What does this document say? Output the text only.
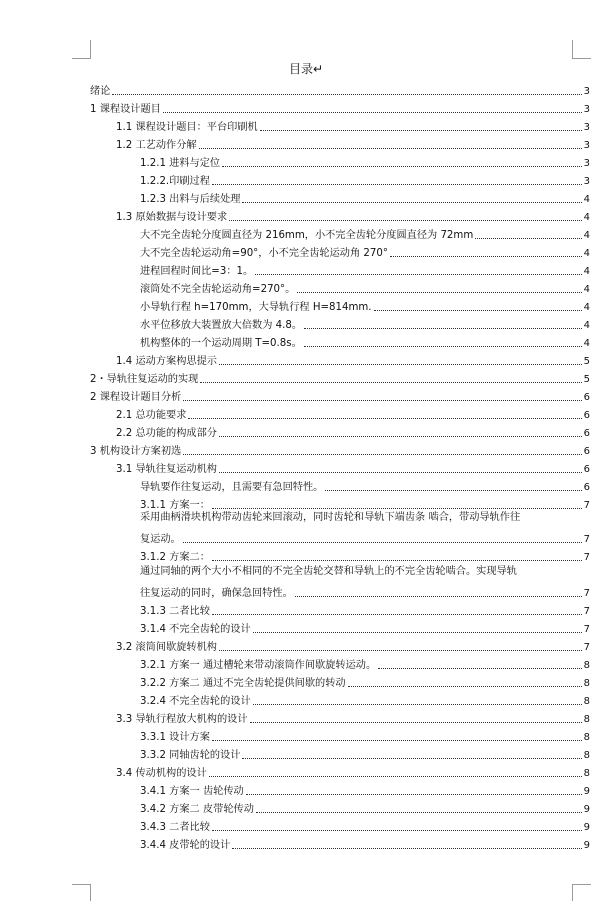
目录↵
绪论	3
1 课程设计题目	3
1.1 课程设计题目：平台印刷机	3
1.2 工艺动作分解	3
1.2.1 进料与定位	3
1.2.2.印刷过程	3
1.2.3 出料与后续处理	4
1.3 原始数据与设计要求	4
大不完全齿轮分度圆直径为 216mm，小不完全齿轮分度圆直径为 72mm	4
大不完全齿轮运动角=90°，小不完全齿轮运动角 270°	4
进程回程时间比=3：1。	4
滚筒处不完全齿轮运动角=270°。	4
小导轨行程 h=170mm，大导轨行程 H=814mm.	4
水平位移放大装置放大倍数为 4.8。	4
机构整体的一个运动周期 T=0.8s。	4
1.4 运动方案构思提示	5
2・导轨往复运动的实现	5
2 课程设计题目分析	6
2.1 总功能要求	6
2.2 总功能的构成部分	6
3 机构设计方案初选	6
3.1 导轨往复运动机构	6
导轨要作往复运动，且需要有急回特性。	6
3.1.1 方案一：	7
采用曲柄滑块机构带动齿轮来回滚动，同时齿轮和导轨下端齿条 啮合，带动导轨作往
复运动。	7
3.1.2 方案二：	7
通过同轴的两个大小不相同的不完全齿轮交替和导轨上的不完全齿轮啮合。实现导轨
往复运动的同时，确保急回特性。	7
3.1.3 二者比较	7
3.1.4 不完全齿轮的设计	7
3.2 滚筒间歇旋转机构	7
3.2.1 方案一 通过槽轮来带动滚筒作间歇旋转运动。	8
3.2.2 方案二 通过不完全齿轮提供间歇的转动	8
3.2.4 不完全齿轮的设计	8
3.3 导轨行程放大机构的设计	8
3.3.1 设计方案	8
3.3.2 同轴齿轮的设计	8
3.4 传动机构的设计	8
3.4.1 方案一 齿轮传动	9
3.4.2 方案二 皮带轮传动	9
3.4.3 二者比较	9
3.4.4 皮带轮的设计	9
